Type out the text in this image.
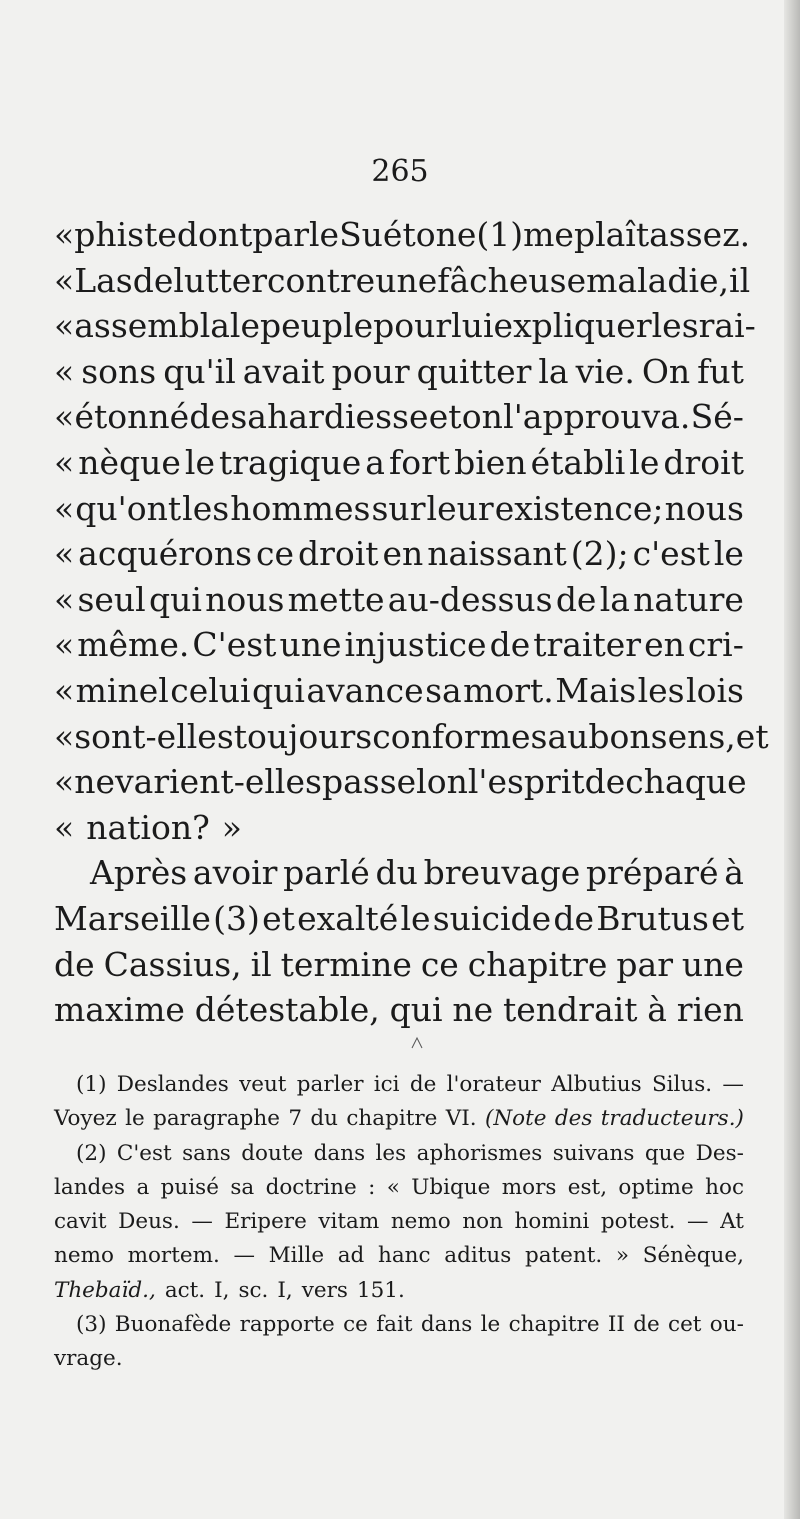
265
« phiste dont parle Suétone (1) me plaît assez.
« Las de lutter contre une fâcheuse maladie, il
« assembla le peuple pour lui expliquer les rai-
« sons qu'il avait pour quitter la vie. On fut
« étonné de sa hardiesse et on l'approuva. Sé-
« nèque le tragique a fort bien établi le droit
« qu'ont les hommes sur leur existence; nous
« acquérons ce droit en naissant (2); c'est le
« seul qui nous mette au-dessus de la nature
« même. C'est une injustice de traiter en cri-
« minel celui qui avance sa mort. Mais les lois
« sont-elles toujours conformes au bon sens, et
« ne varient-elles pas selon l'esprit de chaque
« nation? »
Après avoir parlé du breuvage préparé à
Marseille (3) et exalté le suicide de Brutus et
de Cassius, il termine ce chapitre par une
maxime détestable, qui ne tendrait à rien
(1) Deslandes veut parler ici de l'orateur Albutius Silus. —
Voyez le paragraphe 7 du chapitre VI. (Note des traducteurs.)
(2) C'est sans doute dans les aphorismes suivans que Des-
landes a puisé sa doctrine : « Ubique mors est, optime hoc
cavit Deus. — Eripere vitam nemo non homini potest. — At
nemo mortem. — Mille ad hanc aditus patent. » Sénèque,
Thebaïd., act. I, sc. I, vers 151.
(3) Buonafède rapporte ce fait dans le chapitre II de cet ou-
vrage.
